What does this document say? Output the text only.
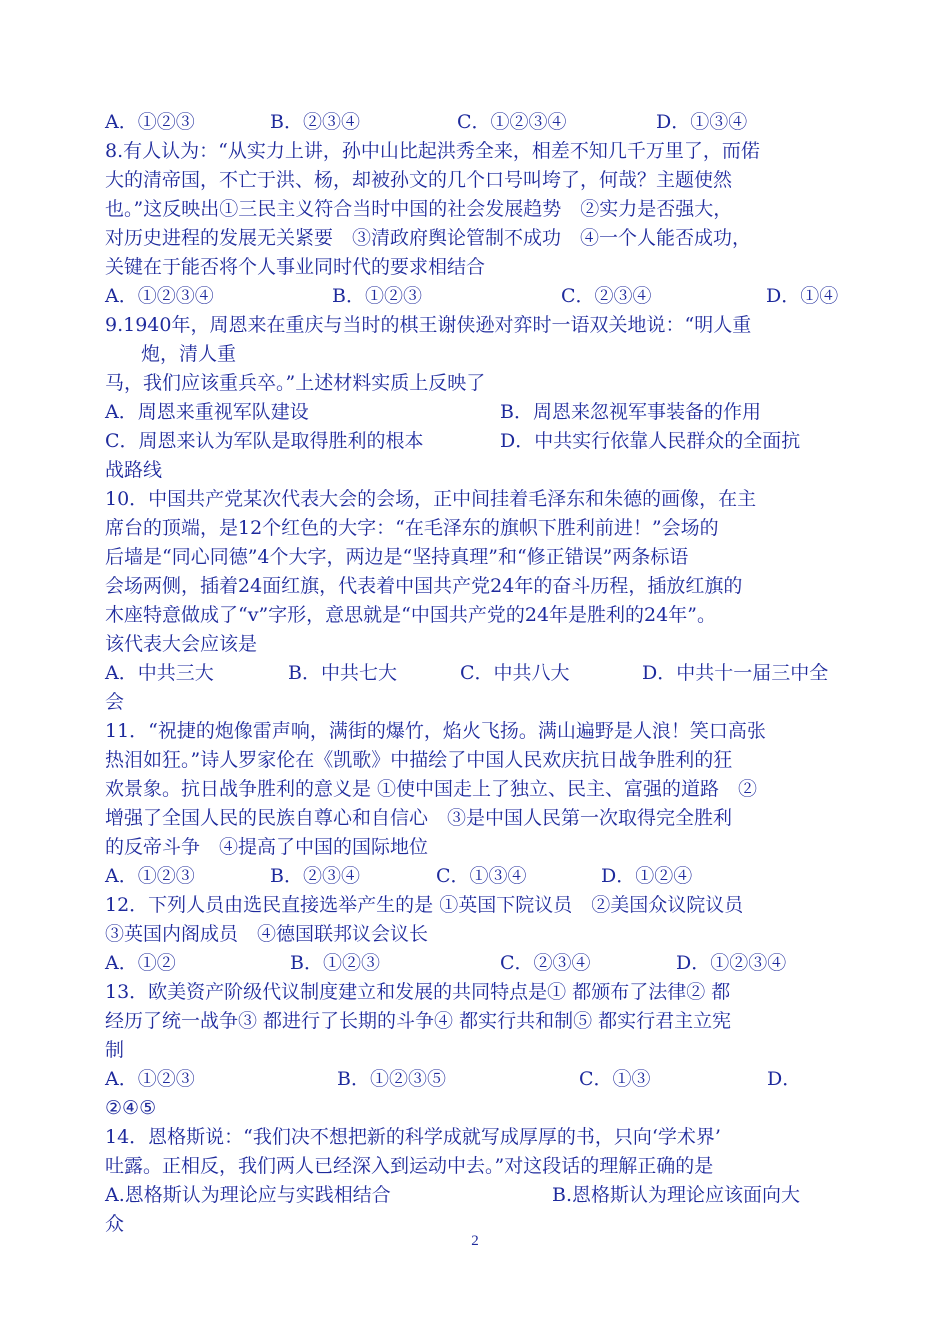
A．①②③	B．②③④	C．①②③④	D．①③④
8.有人认为：“从实力上讲，孙中山比起洪秀全来，相差不知几千万里了，而偌
大的清帝国，不亡于洪、杨，却被孙文的几个口号叫垮了，何哉？主题使然
也。”这反映出①三民主义符合当时中国的社会发展趋势　②实力是否强大，
对历史进程的发展无关紧要　③清政府舆论管制不成功　④一个人能否成功，
关键在于能否将个人事业同时代的要求相结合
A．①②③④	B．①②③	C．②③④	D．①④
9.1940年，周恩来在重庆与当时的棋王谢侠逊对弈时一语双关地说：“明人重
炮，清人重
马，我们应该重兵卒。”上述材料实质上反映了
A．周恩来重视军队建设	B．周恩来忽视军事装备的作用
C．周恩来认为军队是取得胜利的根本	D．中共实行依靠人民群众的全面抗
战路线
10．中国共产党某次代表大会的会场，正中间挂着毛泽东和朱德的画像，在主
席台的顶端，是12个红色的大字：“在毛泽东的旗帜下胜利前进！”会场的
后墙是“同心同德”4个大字，两边是“坚持真理”和“修正错误”两条标语
会场两侧，插着24面红旗，代表着中国共产党24年的奋斗历程，插放红旗的
木座特意做成了“v”字形，意思就是“中国共产党的24年是胜利的24年”。
该代表大会应该是
A．中共三大	B．中共七大	C．中共八大	D．中共十一届三中全
会
11．“祝捷的炮像雷声响，满街的爆竹，焰火飞扬。满山遍野是人浪！笑口高张
热泪如狂。”诗人罗家伦在《凯歌》中描绘了中国人民欢庆抗日战争胜利的狂
欢景象。抗日战争胜利的意义是 ①使中国走上了独立、民主、富强的道路　②
增强了全国人民的民族自尊心和自信心　③是中国人民第一次取得完全胜利
的反帝斗争　④提高了中国的国际地位
A．①②③	B．②③④	C．①③④	D．①②④
12．下列人员由选民直接选举产生的是 ①英国下院议员　②美国众议院议员
③英国内阁成员　④德国联邦议会议长
A．①②	B．①②③	C．②③④	D．①②③④
13．欧美资产阶级代议制度建立和发展的共同特点是① 都颁布了法律② 都
经历了统一战争③ 都进行了长期的斗争④ 都实行共和制⑤ 都实行君主立宪
制
A．①②③	B．①②③⑤	C．①③	D．
②④⑤
14．恩格斯说：“我们决不想把新的科学成就写成厚厚的书，只向‘学术界’
吐露。正相反，我们两人已经深入到运动中去。”对这段话的理解正确的是
A.恩格斯认为理论应与实践相结合	B.恩格斯认为理论应该面向大
众
2
